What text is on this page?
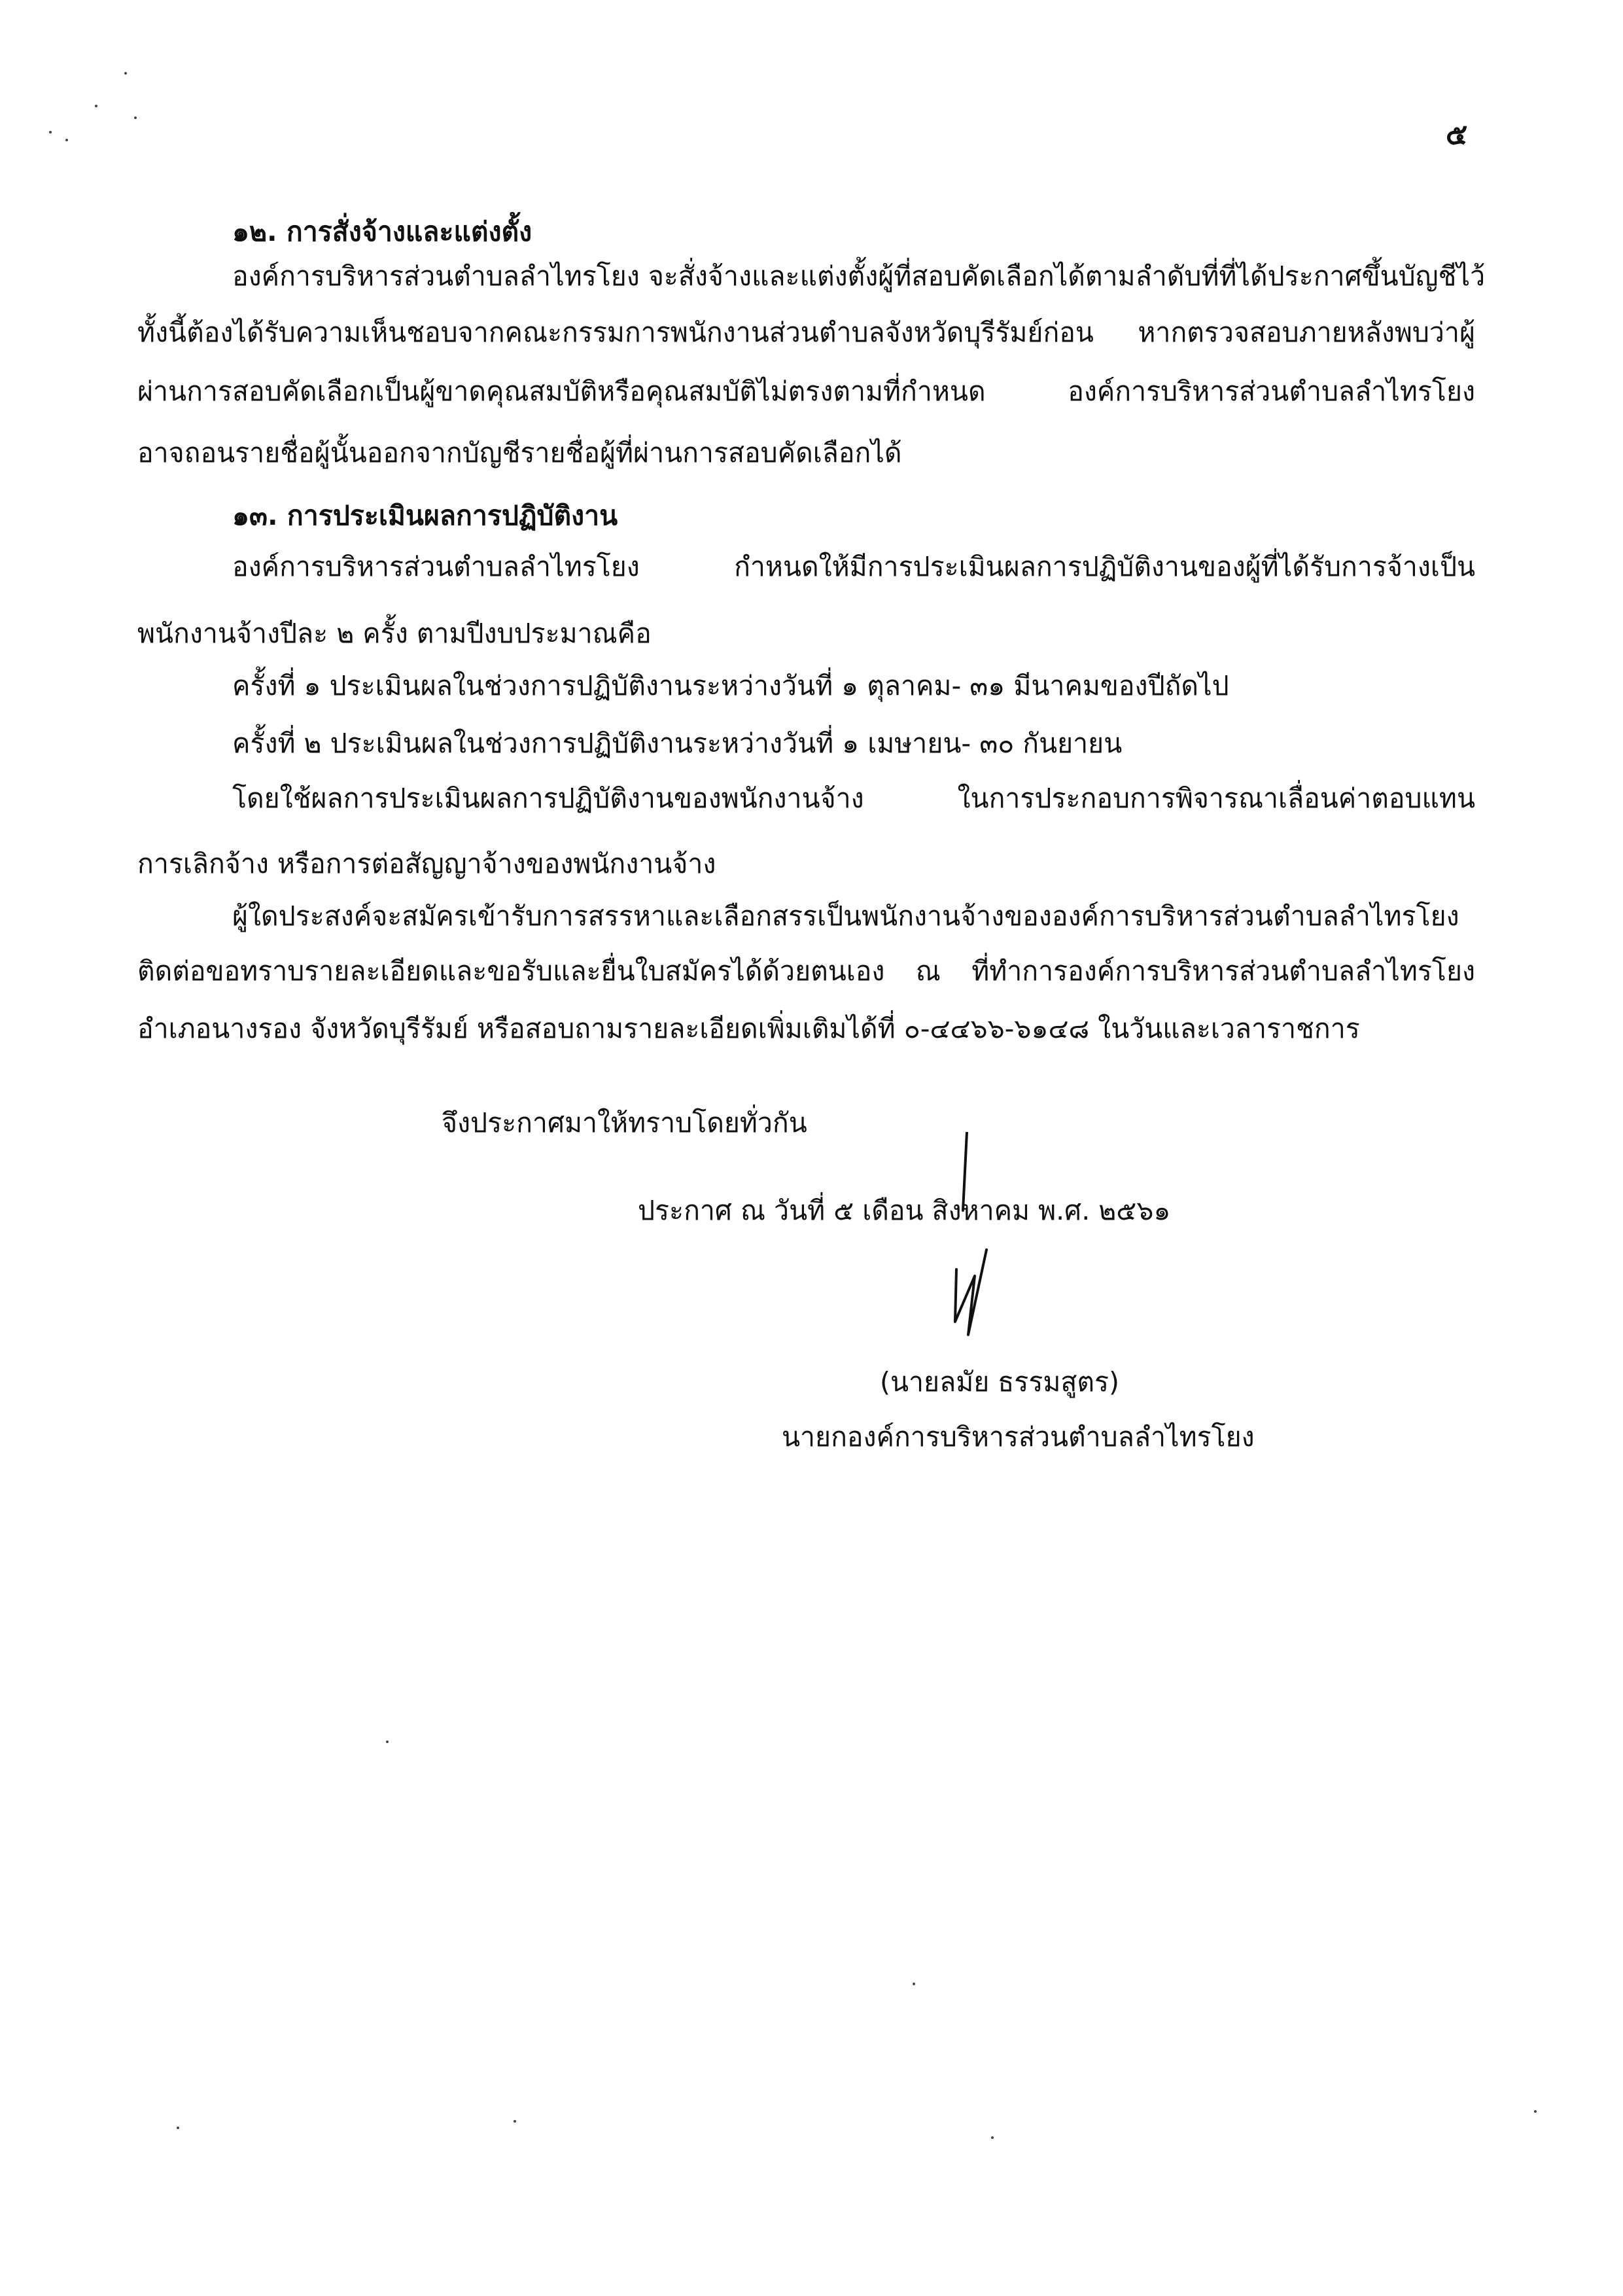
๕
๑๒. การสั่งจ้างและแต่งตั้ง
องค์การบริหารส่วนตำบลลำไทรโยง จะสั่งจ้างและแต่งตั้งผู้ที่สอบคัดเลือกได้ตามลำดับที่ที่ได้ประกาศขึ้นบัญชีไว้
ทั้งนี้ต้องได้รับความเห็นชอบจากคณะกรรมการพนักงานส่วนตำบลจังหวัดบุรีรัมย์ก่อน หากตรวจสอบภายหลังพบว่าผู้
ผ่านการสอบคัดเลือกเป็นผู้ขาดคุณสมบัติหรือคุณสมบัติไม่ตรงตามที่กำหนด องค์การบริหารส่วนตำบลลำไทรโยง
อาจถอนรายชื่อผู้นั้นออกจากบัญชีรายชื่อผู้ที่ผ่านการสอบคัดเลือกได้
๑๓. การประเมินผลการปฏิบัติงาน
องค์การบริหารส่วนตำบลลำไทรโยง กำหนดให้มีการประเมินผลการปฏิบัติงานของผู้ที่ได้รับการจ้างเป็น
พนักงานจ้างปีละ ๒ ครั้ง ตามปีงบประมาณคือ
ครั้งที่ ๑ ประเมินผลในช่วงการปฏิบัติงานระหว่างวันที่ ๑ ตุลาคม- ๓๑ มีนาคมของปีถัดไป
ครั้งที่ ๒ ประเมินผลในช่วงการปฏิบัติงานระหว่างวันที่ ๑ เมษายน- ๓๐ กันยายน
โดยใช้ผลการประเมินผลการปฏิบัติงานของพนักงานจ้าง ในการประกอบการพิจารณาเลื่อนค่าตอบแทน
การเลิกจ้าง หรือการต่อสัญญาจ้างของพนักงานจ้าง
ผู้ใดประสงค์จะสมัครเข้ารับการสรรหาและเลือกสรรเป็นพนักงานจ้างขององค์การบริหารส่วนตำบลลำไทรโยง
ติดต่อขอทราบรายละเอียดและขอรับและยื่นใบสมัครได้ด้วยตนเอง ณ ที่ทำการองค์การบริหารส่วนตำบลลำไทรโยง
อำเภอนางรอง จังหวัดบุรีรัมย์ หรือสอบถามรายละเอียดเพิ่มเติมได้ที่ ๐-๔๔๖๖-๖๑๔๘ ในวันและเวลาราชการ
จึงประกาศมาให้ทราบโดยทั่วกัน
ประกาศ ณ วันที่ ๕ เดือน สิงหาคม พ.ศ. ๒๕๖๑
(นายลมัย ธรรมสูตร)
นายกองค์การบริหารส่วนตำบลลำไทรโยง
